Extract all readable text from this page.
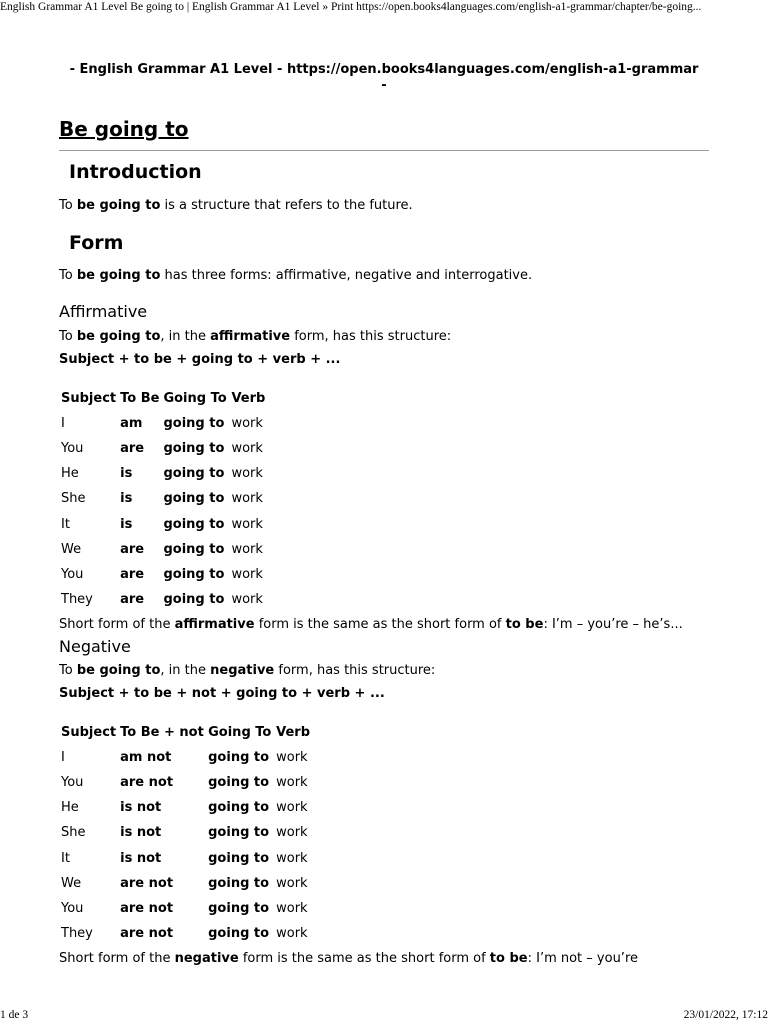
English Grammar A1 Level Be going to | English Grammar A1 Level » Print https://open.books4languages.com/english-a1-grammar/chapter/be-going...
- English Grammar A1 Level - https://open.books4languages.com/english-a1-grammar
-
Be going to
Introduction

To be going to is a structure that refers to the future.

Form

To be going to has three forms: affirmative, negative and interrogative.

Affirmative

To be going to, in the affirmative form, has this structure:

Subject + to be + going to + verb + ...

Subject	To Be	Going To	Verb
I	am	going to	work
You	are	going to	work
He	is	going to	work
She	is	going to	work
It	is	going to	work
We	are	going to	work
You	are	going to	work
They	are	going to	work

Short form of the affirmative form is the same as the short form of to be: I’m – you’re – he’s...

Negative

To be going to, in the negative form, has this structure:

Subject + to be + not + going to + verb + ...

Subject	To Be + not	Going To	Verb
I	am not	going to	work
You	are not	going to	work
He	is not	going to	work
She	is not	going to	work
It	is not	going to	work
We	are not	going to	work
You	are not	going to	work
They	are not	going to	work

Short form of the negative form is the same as the short form of to be: I’m not – you’re

1 de 3	23/01/2022, 17:12
